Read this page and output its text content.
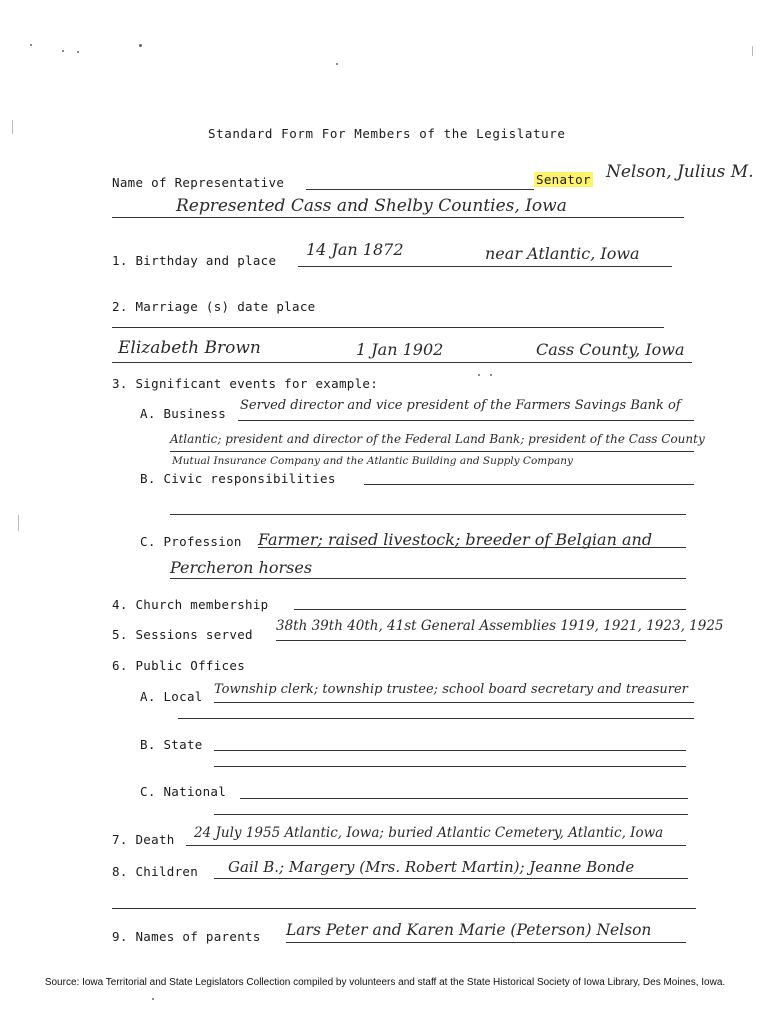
Standard Form For Members of the Legislature
Name of Representative	Senator Nelson, Julius M.
Represented Cass and Shelby Counties, Iowa
1. Birthday and place
14 Jan 1872	near Atlantic, Iowa
2. Marriage (s) date place
Elizabeth Brown	1 Jan 1902	Cass County, Iowa
3. Significant events for example:
A. Business
Served director and vice president of the Farmers Savings Bank of
Atlantic; president and director of the Federal Land Bank; president of the Cass County
Mutual Insurance Company and the Atlantic Building and Supply Company
B. Civic responsibilities
C. Profession Farmer; raised livestock; breeder of Belgian and
Percheron horses
4. Church membership
5. Sessions served
38th 39th 40th, 41st General Assemblies 1919, 1921, 1923, 1925
6. Public Offices
A. Local Township clerk; township trustee; school board secretary and treasurer
B. State
C. National
7. Death 24 July 1955 Atlantic, Iowa; buried Atlantic Cemetery, Atlantic, Iowa
8. Children Gail B.; Margery (Mrs. Robert Martin); Jeanne Bonde
9. Names of parents Lars Peter and Karen Marie (Peterson) Nelson
Source: Iowa Territorial and State Legislators Collection compiled by volunteers and staff at the State Historical Society of Iowa Library, Des Moines, Iowa.
